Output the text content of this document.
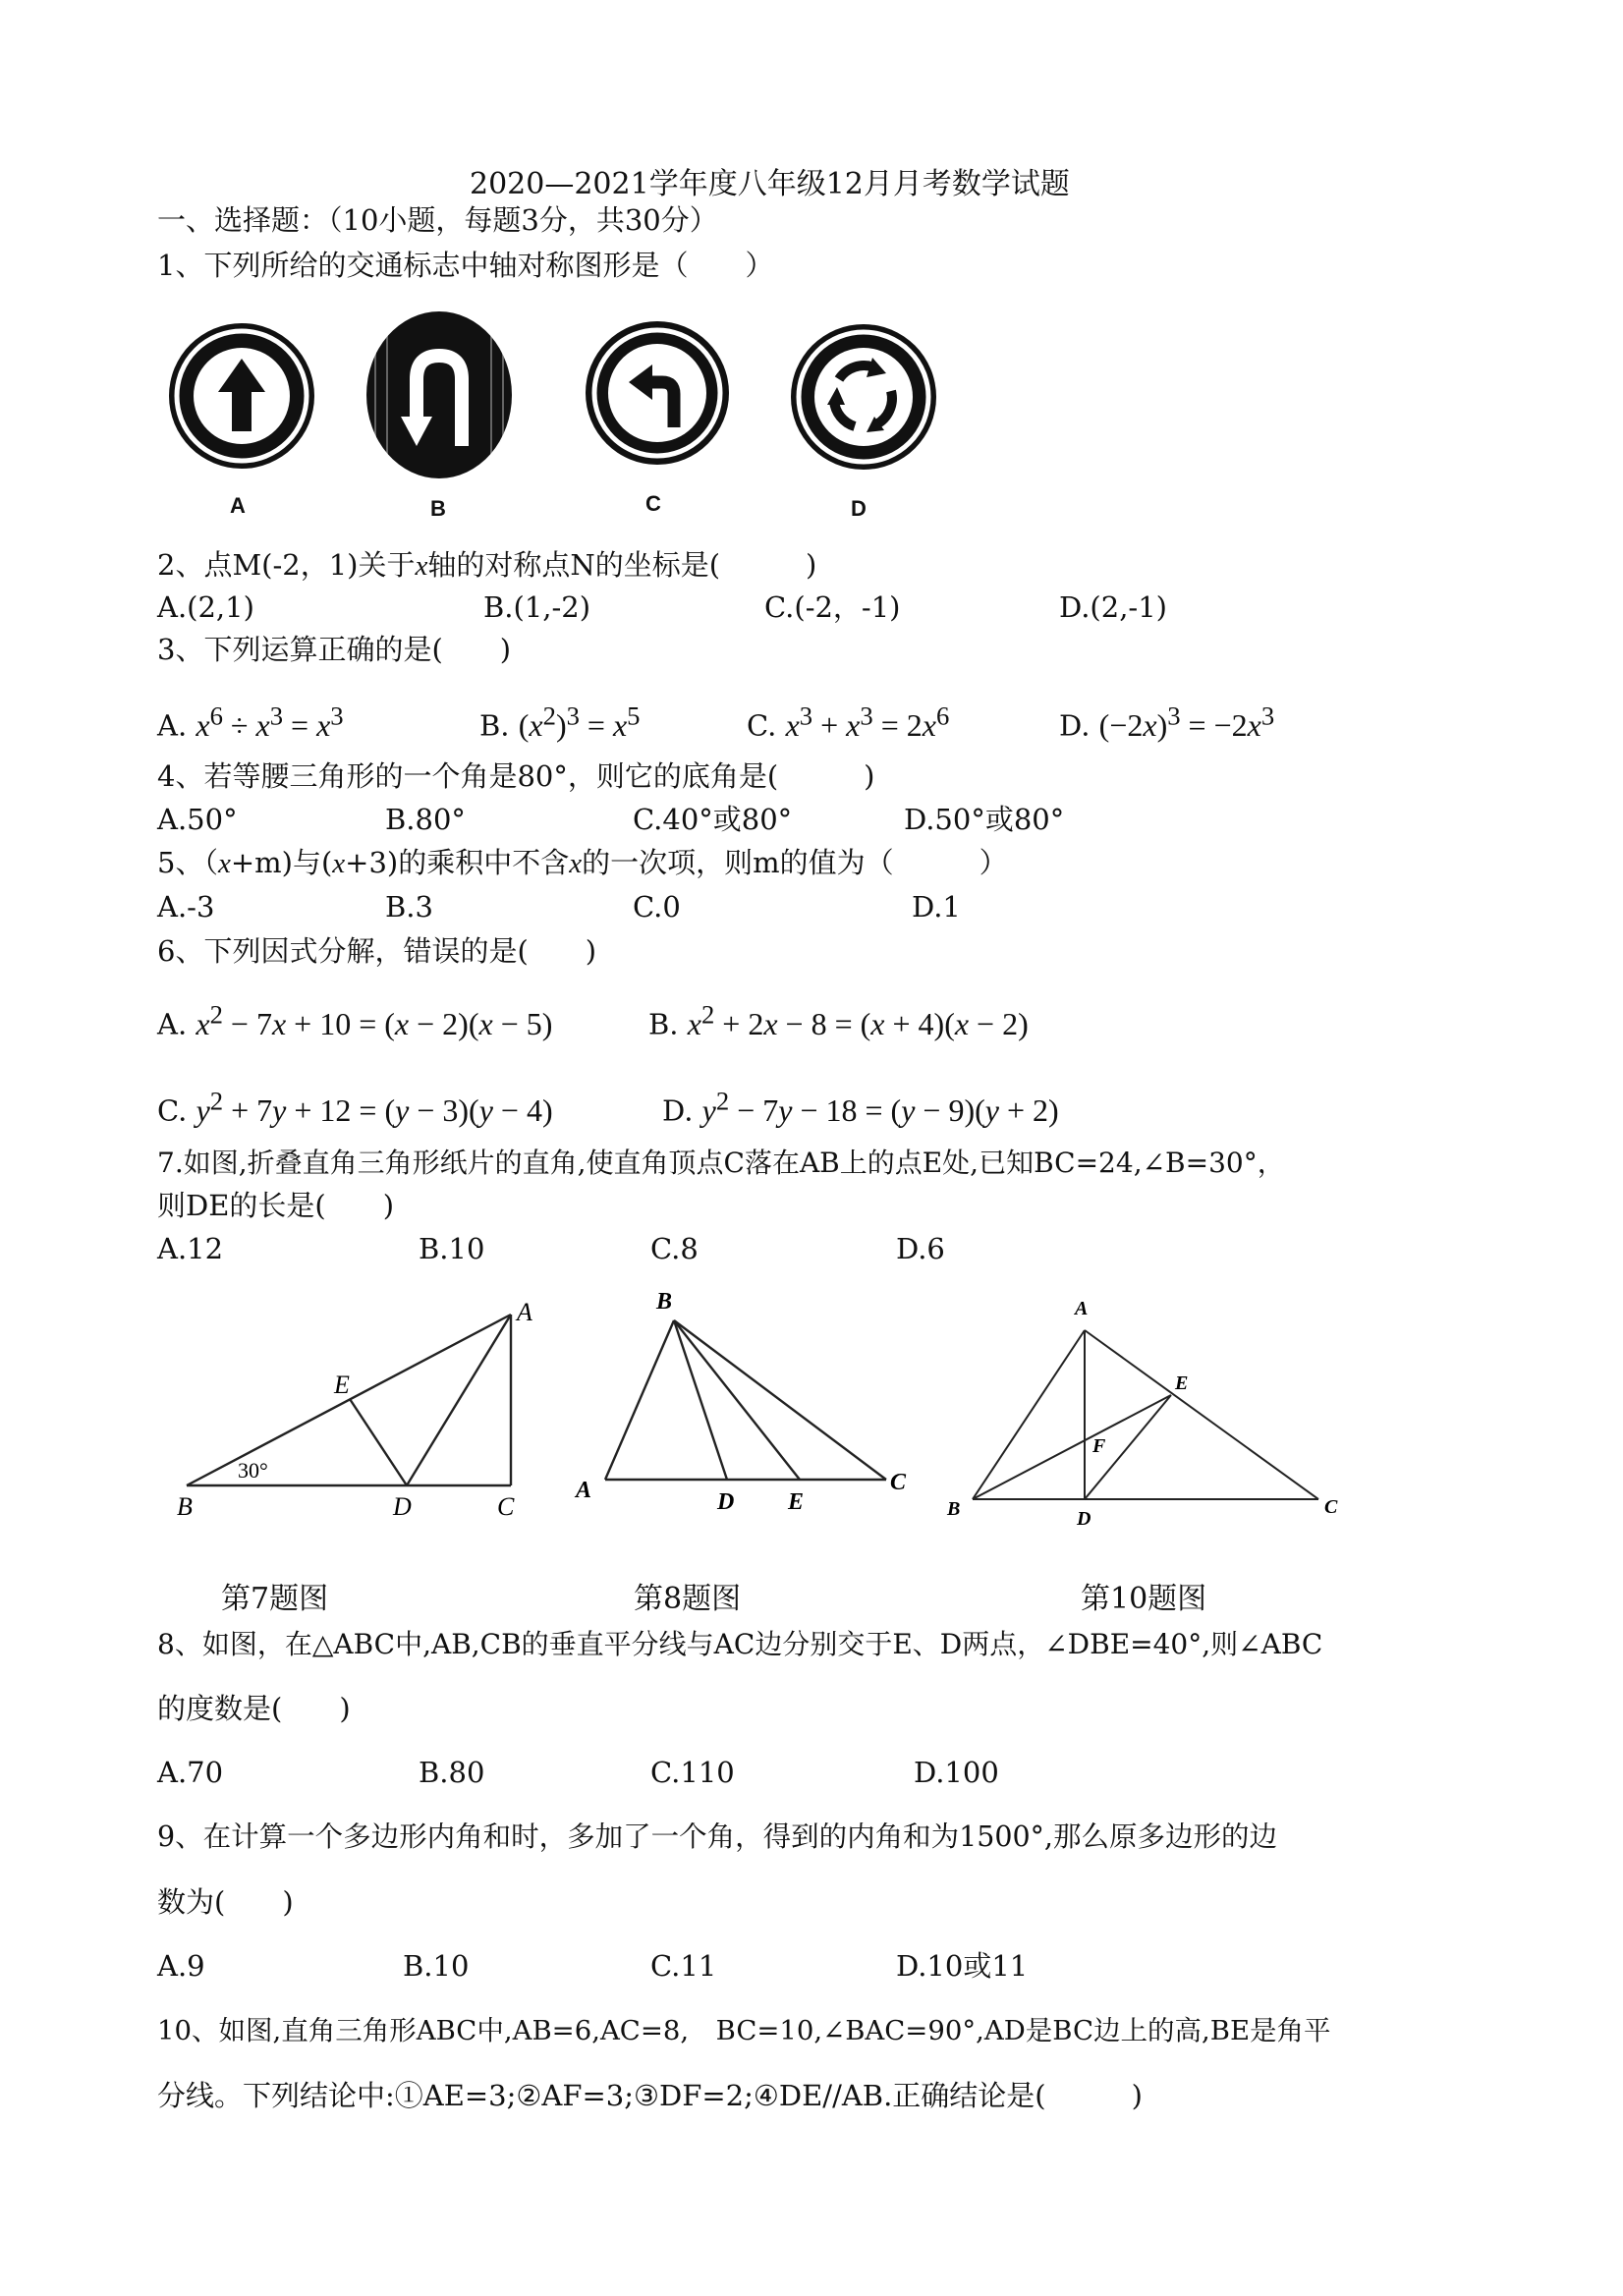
2020—2021学年度八年级12月月考数学试题
一、选择题：（10小题，每题3分，共30分）
1、下列所给的交通标志中轴对称图形是（　　）
A	B	C	D
2、点M(-2，1)关于x轴的对称点N的坐标是(　　　)
A.(2,1)	B.(1,-2)	C.(-2，-1)	D.(2,-1)
3、下列运算正确的是(　　)
A. $x^6 \div x^3 = x^3$	B. $(x^2)^3 = x^5$	C. $x^3 + x^3 = 2x^6$	D. $(-2x)^3 = -2x^3$
4、若等腰三角形的一个角是80°，则它的底角是(　　　)
A.50°	B.80°	C.40°或80°	D.50°或80°
5、（x+m)与(x+3)的乘积中不含x的一次项，则m的值为（　　　）
A.-3	B.3	C.0	D.1
6、下列因式分解，错误的是(　　)
A. $x^2 - 7x + 10 = (x - 2)(x - 5)$	B. $x^2 + 2x - 8 = (x + 4)(x - 2)$
C. $y^2 + 7y + 12 = (y - 3)(y - 4)$	D. $y^2 - 7y - 18 = (y - 9)(y + 2)$
7.如图,折叠直角三角形纸片的直角,使直角顶点C落在AB上的点E处,已知BC=24,∠B=30°，
则DE的长是(　　)
A.12	B.10	C.8	D.6
A
B	C
D
E
30°
B
A	C
D E
A
B	C
D
E
F
第7题图	第8题图	第10题图
8、如图，在△ABC中,AB,CB的垂直平分线与AC边分别交于E、D两点，∠DBE=40°,则∠ABC
的度数是(　　)
A.70	B.80	C.110	D.100
9、在计算一个多边形内角和时，多加了一个角，得到的内角和为1500°,那么原多边形的边
数为(　　)
A.9	B.10	C.11	D.10或11
10、如图,直角三角形ABC中,AB=6,AC=8,　BC=10,∠BAC=90°,AD是BC边上的高,BE是角平
分线。下列结论中:①AE=3;②AF=3;③DF=2;④DE//AB.正确结论是(　　　)
